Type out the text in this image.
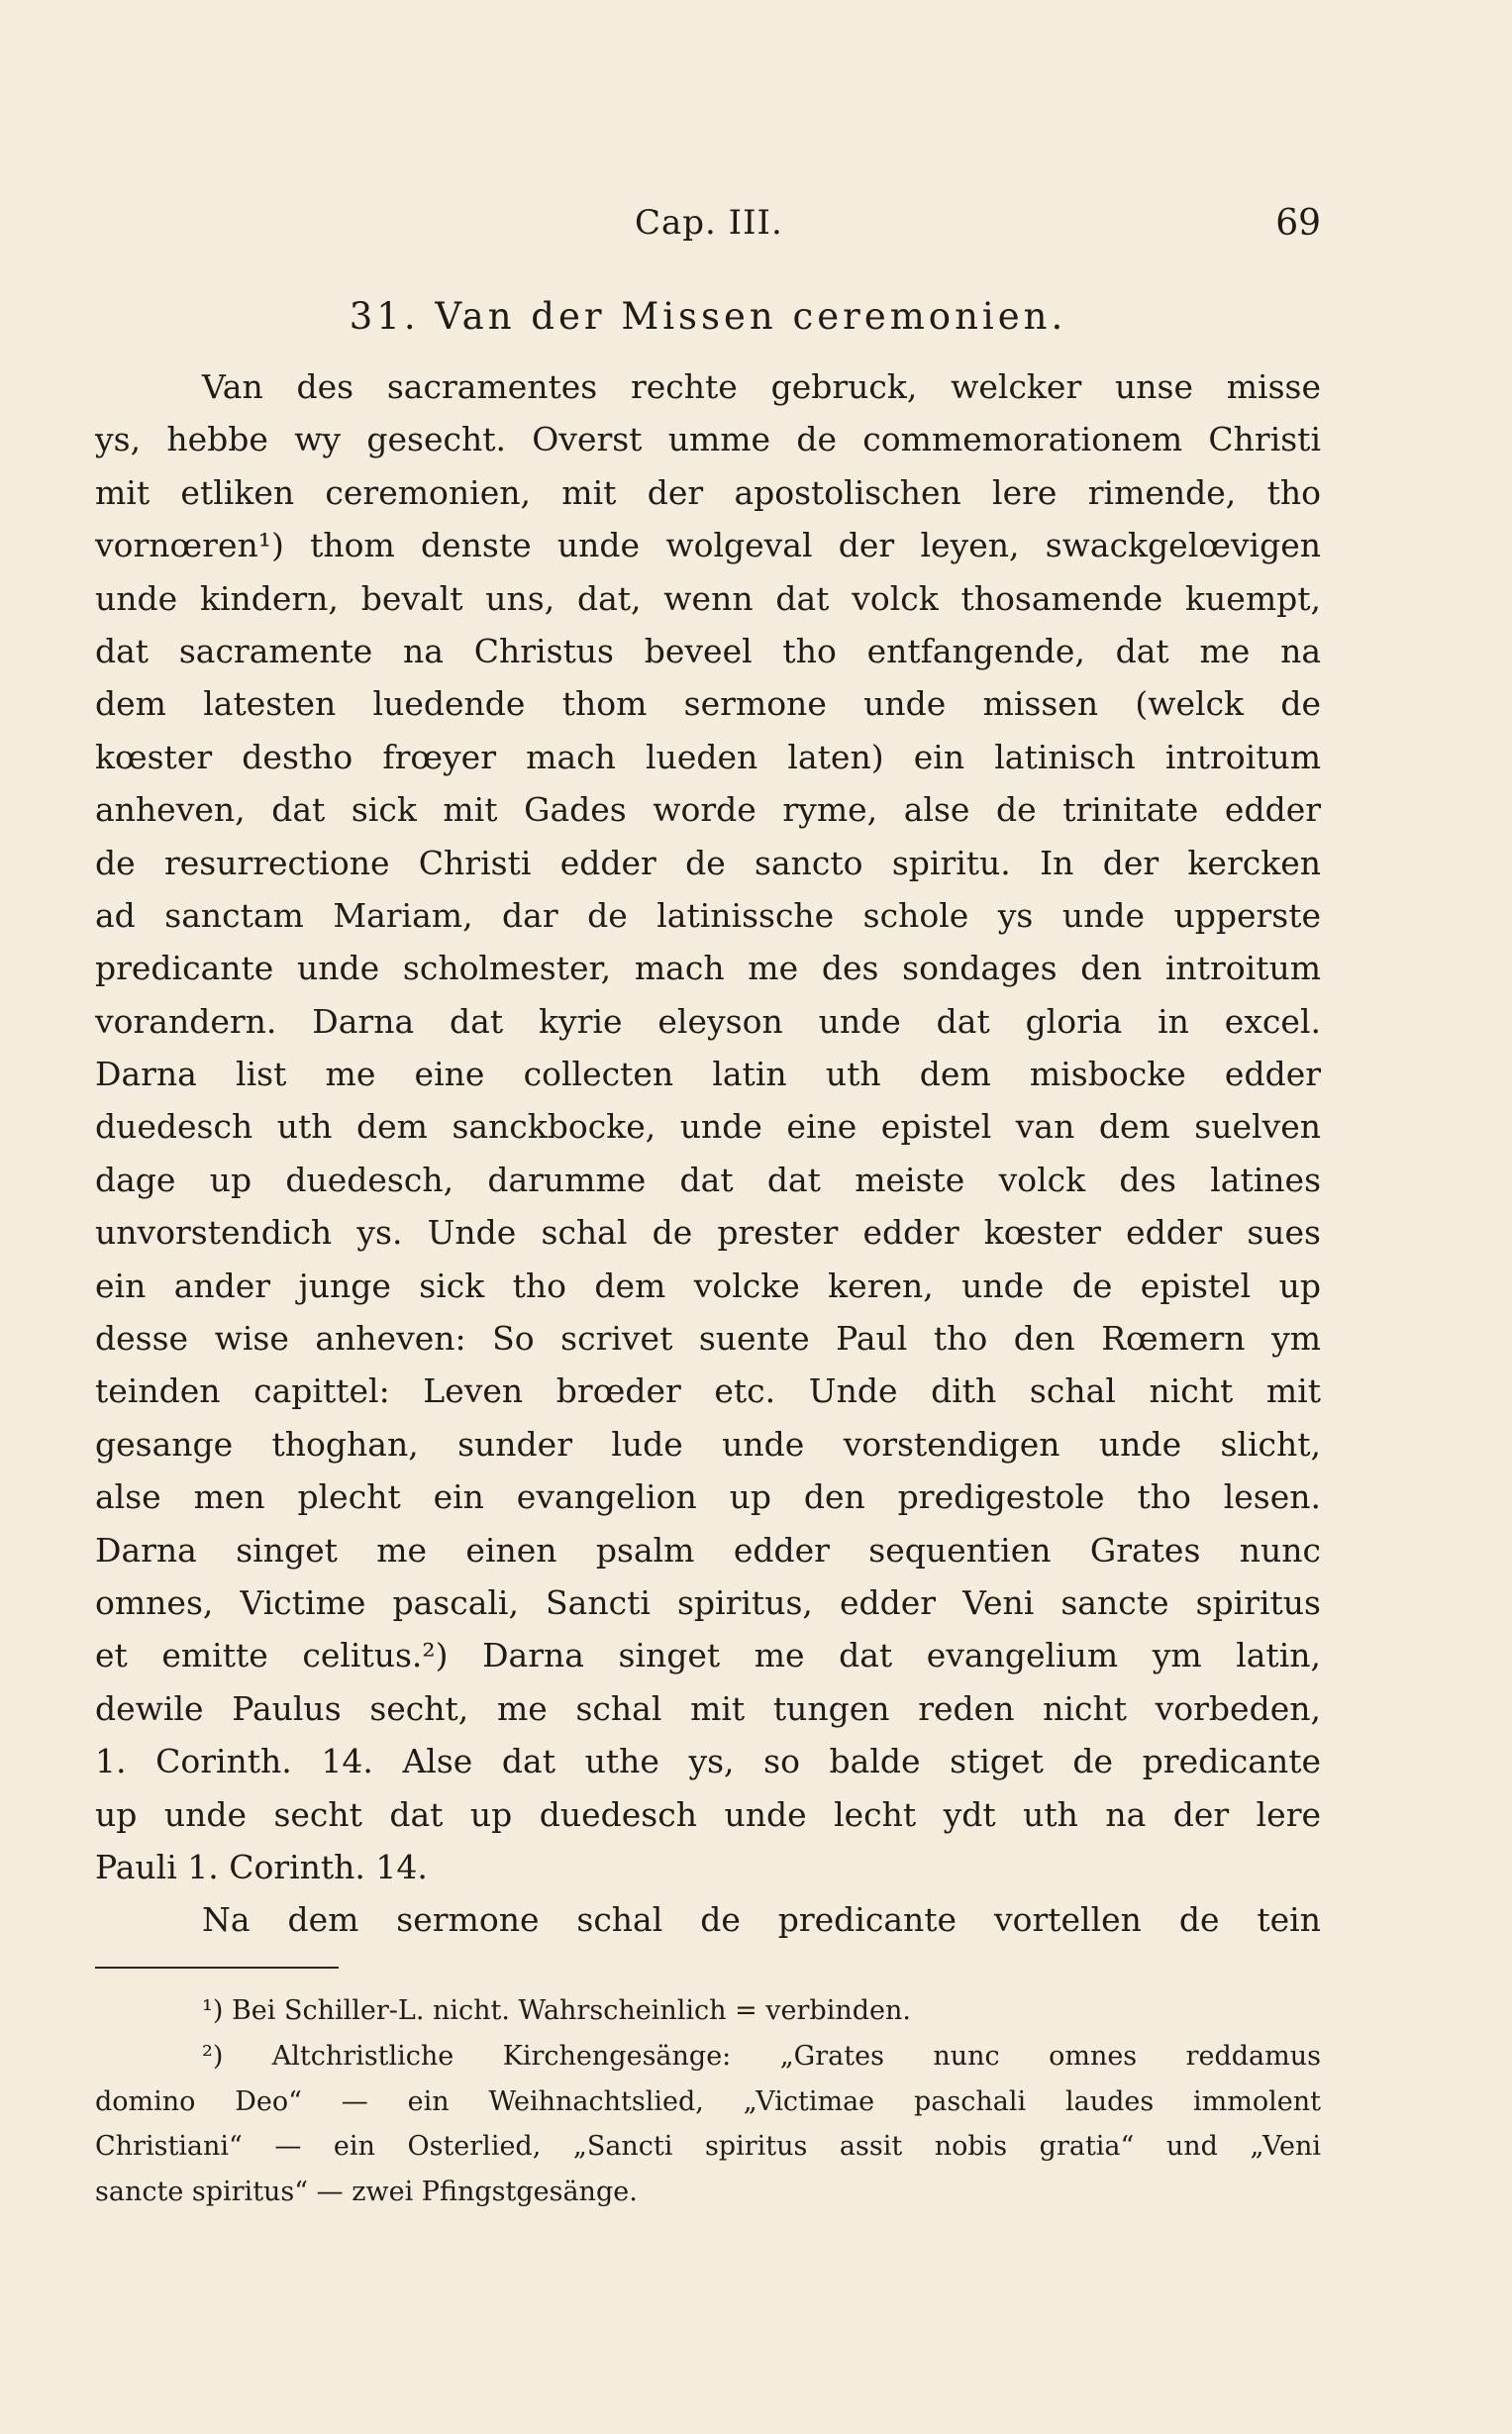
Cap. III.	69
31. Van der Missen ceremonien.
Van des sacramentes rechte gebruck, welcker unse misse
ys, hebbe wy gesecht. Overst umme de commemorationem Christi
mit etliken ceremonien, mit der apostolischen lere rimende, tho
vornœren¹) thom denste unde wolgeval der leyen, swackgelœvigen
unde kindern, bevalt uns, dat, wenn dat volck thosamende kuempt,
dat sacramente na Christus beveel tho entfangende, dat me na
dem latesten luedende thom sermone unde missen (welck de
kœster destho frœyer mach lueden laten) ein latinisch introitum
anheven, dat sick mit Gades worde ryme, alse de trinitate edder
de resurrectione Christi edder de sancto spiritu. In der kercken
ad sanctam Mariam, dar de latinissche schole ys unde upperste
predicante unde scholmester, mach me des sondages den introitum
vorandern. Darna dat kyrie eleyson unde dat gloria in excel.
Darna list me eine collecten latin uth dem misbocke edder
duedesch uth dem sanckbocke, unde eine epistel van dem suelven
dage up duedesch, darumme dat dat meiste volck des latines
unvorstendich ys. Unde schal de prester edder kœster edder sues
ein ander junge sick tho dem volcke keren, unde de epistel up
desse wise anheven: So scrivet suente Paul tho den Rœmern ym
teinden capittel: Leven brœder etc. Unde dith schal nicht mit
gesange thoghan, sunder lude unde vorstendigen unde slicht,
alse men plecht ein evangelion up den predigestole tho lesen.
Darna singet me einen psalm edder sequentien Grates nunc
omnes, Victime pascali, Sancti spiritus, edder Veni sancte spiritus
et emitte celitus.²) Darna singet me dat evangelium ym latin,
dewile Paulus secht, me schal mit tungen reden nicht vorbeden,
1. Corinth. 14. Alse dat uthe ys, so balde stiget de predicante
up unde secht dat up duedesch unde lecht ydt uth na der lere
Pauli 1. Corinth. 14.
Na dem sermone schal de predicante vortellen de tein
¹) Bei Schiller-L. nicht. Wahrscheinlich = verbinden.
²) Altchristliche Kirchengesänge: „Grates nunc omnes reddamus
domino Deo“ — ein Weihnachtslied, „Victimae paschali laudes immolent
Christiani“ — ein Osterlied, „Sancti spiritus assit nobis gratia“ und „Veni
sancte spiritus“ — zwei Pfingstgesänge.
